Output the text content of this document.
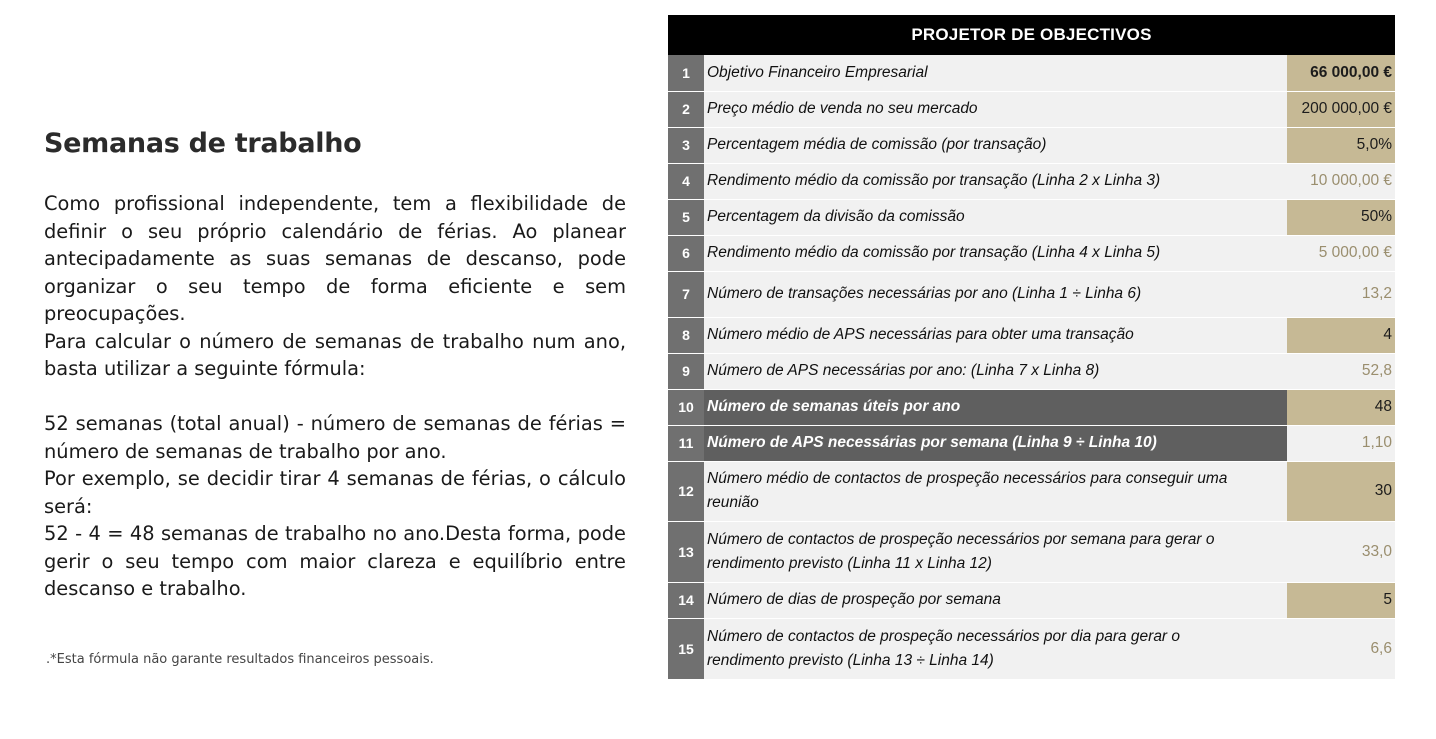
Semanas de trabalho

Como profissional independente, tem a flexibilidade de definir o seu próprio calendário de férias. Ao planear antecipadamente as suas semanas de descanso, pode organizar o seu tempo de forma eficiente e sem preocupações.

Para calcular o número de semanas de trabalho num ano, basta utilizar a seguinte fórmula:

52 semanas (total anual) - número de semanas de férias = número de semanas de trabalho por ano.

Por exemplo, se decidir tirar 4 semanas de férias, o cálculo será:

52 - 4 = 48 semanas de trabalho no ano.Desta forma, pode gerir o seu tempo com maior clareza e equilíbrio entre descanso e trabalho.

.*Esta fórmula não garante resultados financeiros pessoais.
PROJETOR DE OBJECTIVOS
1	Objetivo Financeiro Empresarial	66 000,00 €
2	Preço médio de venda no seu mercado	200 000,00 €
3	Percentagem média de comissão (por transação)	5,0%
4	Rendimento médio da comissão por transação (Linha 2 x Linha 3)	10 000,00 €
5	Percentagem da divisão da comissão	50%
6	Rendimento médio da comissão por transação (Linha 4 x Linha 5)	5 000,00 €
7	Número de transações necessárias por ano (Linha 1 ÷ Linha 6)	13,2
8	Número médio de APS necessárias para obter uma transação	4
9	Número de APS necessárias por ano: (Linha 7 x Linha 8)	52,8
10	Número de semanas úteis por ano	48
11	Número de APS necessárias por semana (Linha 9 ÷ Linha 10)	1,10
12	Número médio de contactos de prospeção necessários para conseguir uma reunião	30
13	Número de contactos de prospeção necessários por semana para gerar o rendimento previsto (Linha 11 x Linha 12)	33,0
14	Número de dias de prospeção por semana	5
15	Número de contactos de prospeção necessários por dia para gerar o rendimento previsto (Linha 13 ÷ Linha 14)	6,6
